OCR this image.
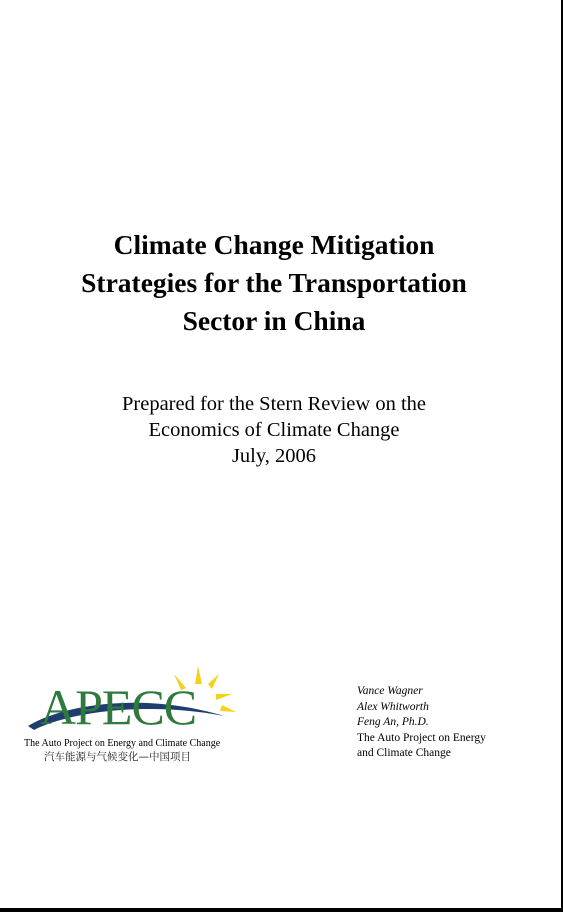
Climate Change Mitigation
Strategies for the Transportation
Sector in China
Prepared for the Stern Review on the
Economics of Climate Change
July, 2006
APECC
The Auto Project on Energy and Climate Change
汽车能源与气候变化—中国项目
Vance Wagner
Alex Whitworth
Feng An, Ph.D.
The Auto Project on Energy
and Climate Change
